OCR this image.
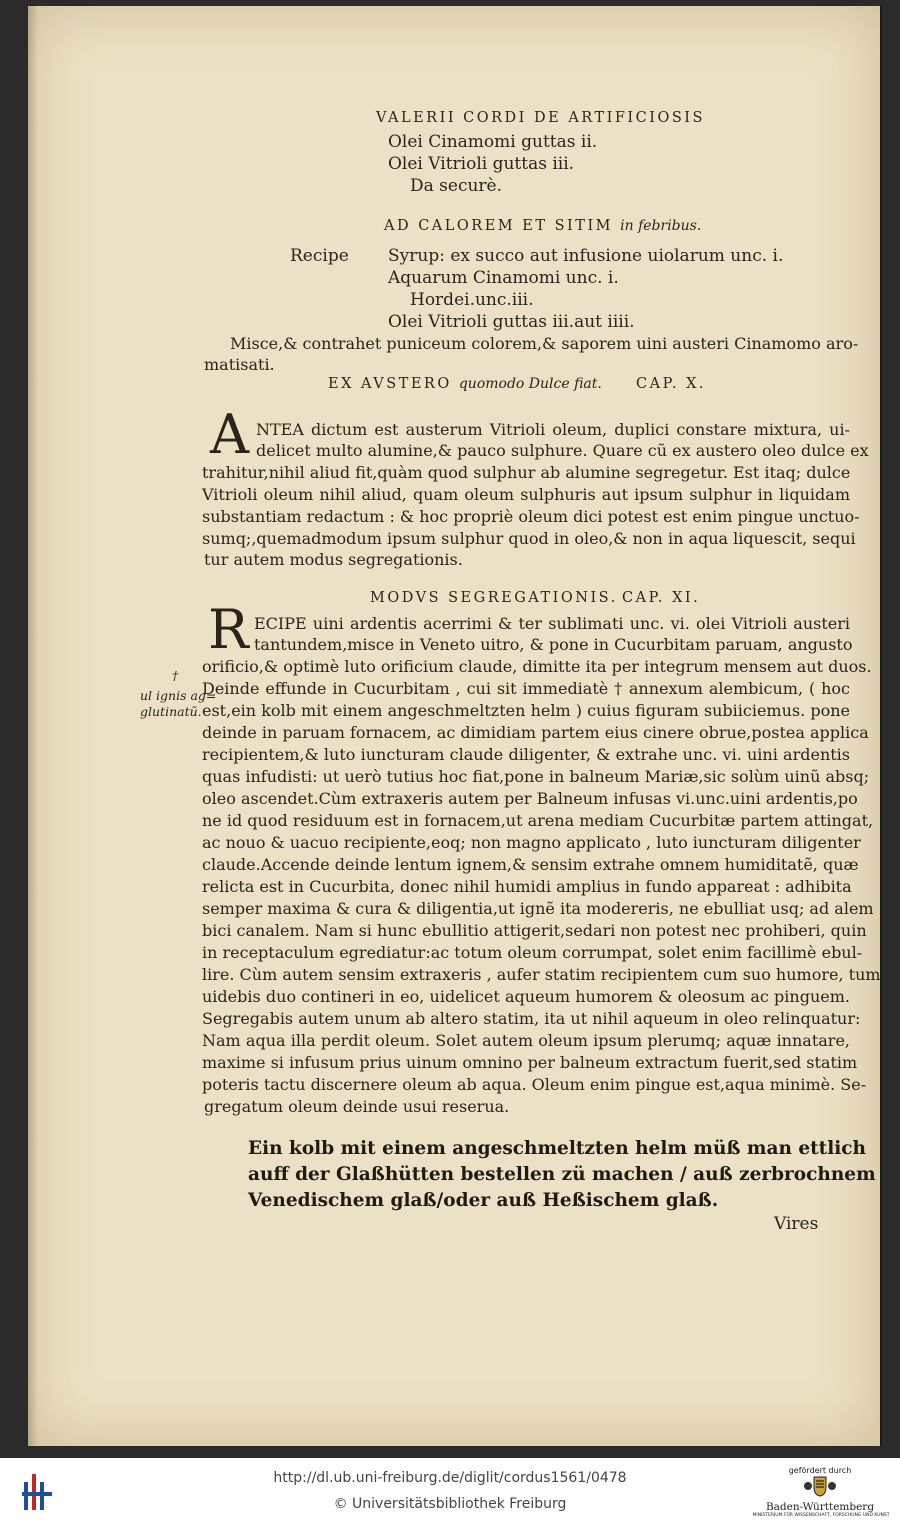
VALERII CORDI DE ARTIFICIOSIS
Olei Cinamomi guttas ii.
Olei Vitrioli guttas iii.
Da securè.
AD CALOREM ET SITIM in febribus.
Recipe Syrup: ex succo aut infusione uiolarum unc. i.
Aquarum Cinamomi unc. i.
Hordei.unc.iii.
Olei Vitrioli guttas iii.aut iiii.
Misce,& contrahet puniceum colorem,& saporem uini austeri Cinamomo aro-
matisati.
EX AVSTERO quomodo Dulce fiat. CAP. X.
A NTEA dictum est austerum Vitrioli oleum, duplici constare mixtura, ui-
delicet multo alumine,& pauco sulphure. Quare cũ ex austero oleo dulce ex
trahitur,nihil aliud fit,quàm quod sulphur ab alumine segregetur. Est itaq; dulce
Vitrioli oleum nihil aliud, quam oleum sulphuris aut ipsum sulphur in liquidam
substantiam redactum : & hoc propriè oleum dici potest est enim pingue unctuo-
sumq;,quemadmodum ipsum sulphur quod in oleo,& non in aqua liquescit, sequi
tur autem modus segregationis.
MODVS SEGREGATIONIS. CAP. XI.
†
ul ignis ag=
glutinatũ.
R ECIPE uini ardentis acerrimi & ter sublimati unc. vi. olei Vitrioli austeri
tantundem,misce in Veneto uitro, & pone in Cucurbitam paruam, angusto
orificio,& optimè luto orificium claude, dimitte ita per integrum mensem aut duos.
Deinde effunde in Cucurbitam , cui sit immediatè † annexum alembicum, ( hoc
est,ein kolb mit einem angeschmeltzten helm ) cuius figuram subiiciemus. pone
deinde in paruam fornacem, ac dimidiam partem eius cinere obrue,postea applica
recipientem,& luto iuncturam claude diligenter, & extrahe unc. vi. uini ardentis
quas infudisti: ut uerò tutius hoc fiat,pone in balneum Mariæ,sic solùm uinũ absq;
oleo ascendet.Cùm extraxeris autem per Balneum infusas vi.unc.uini ardentis,po
ne id quod residuum est in fornacem,ut arena mediam Cucurbitæ partem attingat,
ac nouo & uacuo recipiente,eoq; non magno applicato , luto iuncturam diligenter
claude.Accende deinde lentum ignem,& sensim extrahe omnem humiditatẽ, quæ
relicta est in Cucurbita, donec nihil humidi amplius in fundo appareat : adhibita
semper maxima & cura & diligentia,ut ignẽ ita modereris, ne ebulliat usq; ad alem
bici canalem. Nam si hunc ebullitio attigerit,sedari non potest nec prohiberi, quin
in receptaculum egrediatur:ac totum oleum corrumpat, solet enim facillimè ebul-
lire. Cùm autem sensim extraxeris , aufer statim recipientem cum suo humore, tum
uidebis duo contineri in eo, uidelicet aqueum humorem & oleosum ac pinguem.
Segregabis autem unum ab altero statim, ita ut nihil aqueum in oleo relinquatur:
Nam aqua illa perdit oleum. Solet autem oleum ipsum plerumq; aquæ innatare,
maxime si infusum prius uinum omnino per balneum extractum fuerit,sed statim
poteris tactu discernere oleum ab aqua. Oleum enim pingue est,aqua minimè. Se-
gregatum oleum deinde usui reserua.
Ein kolb mit einem angeschmeltzten helm müß man ettlich
auff der Glaßhütten bestellen zü machen / auß zerbrochnem
Venedischem glaß/oder auß Heßischem glaß.
Vires
http://dl.ub.uni-freiburg.de/diglit/cordus1561/0478
© Universitätsbibliothek Freiburg
gefördert durch
Baden-Württemberg
MINISTERIUM FÜR WISSENSCHAFT, FORSCHUNG UND KUNST
